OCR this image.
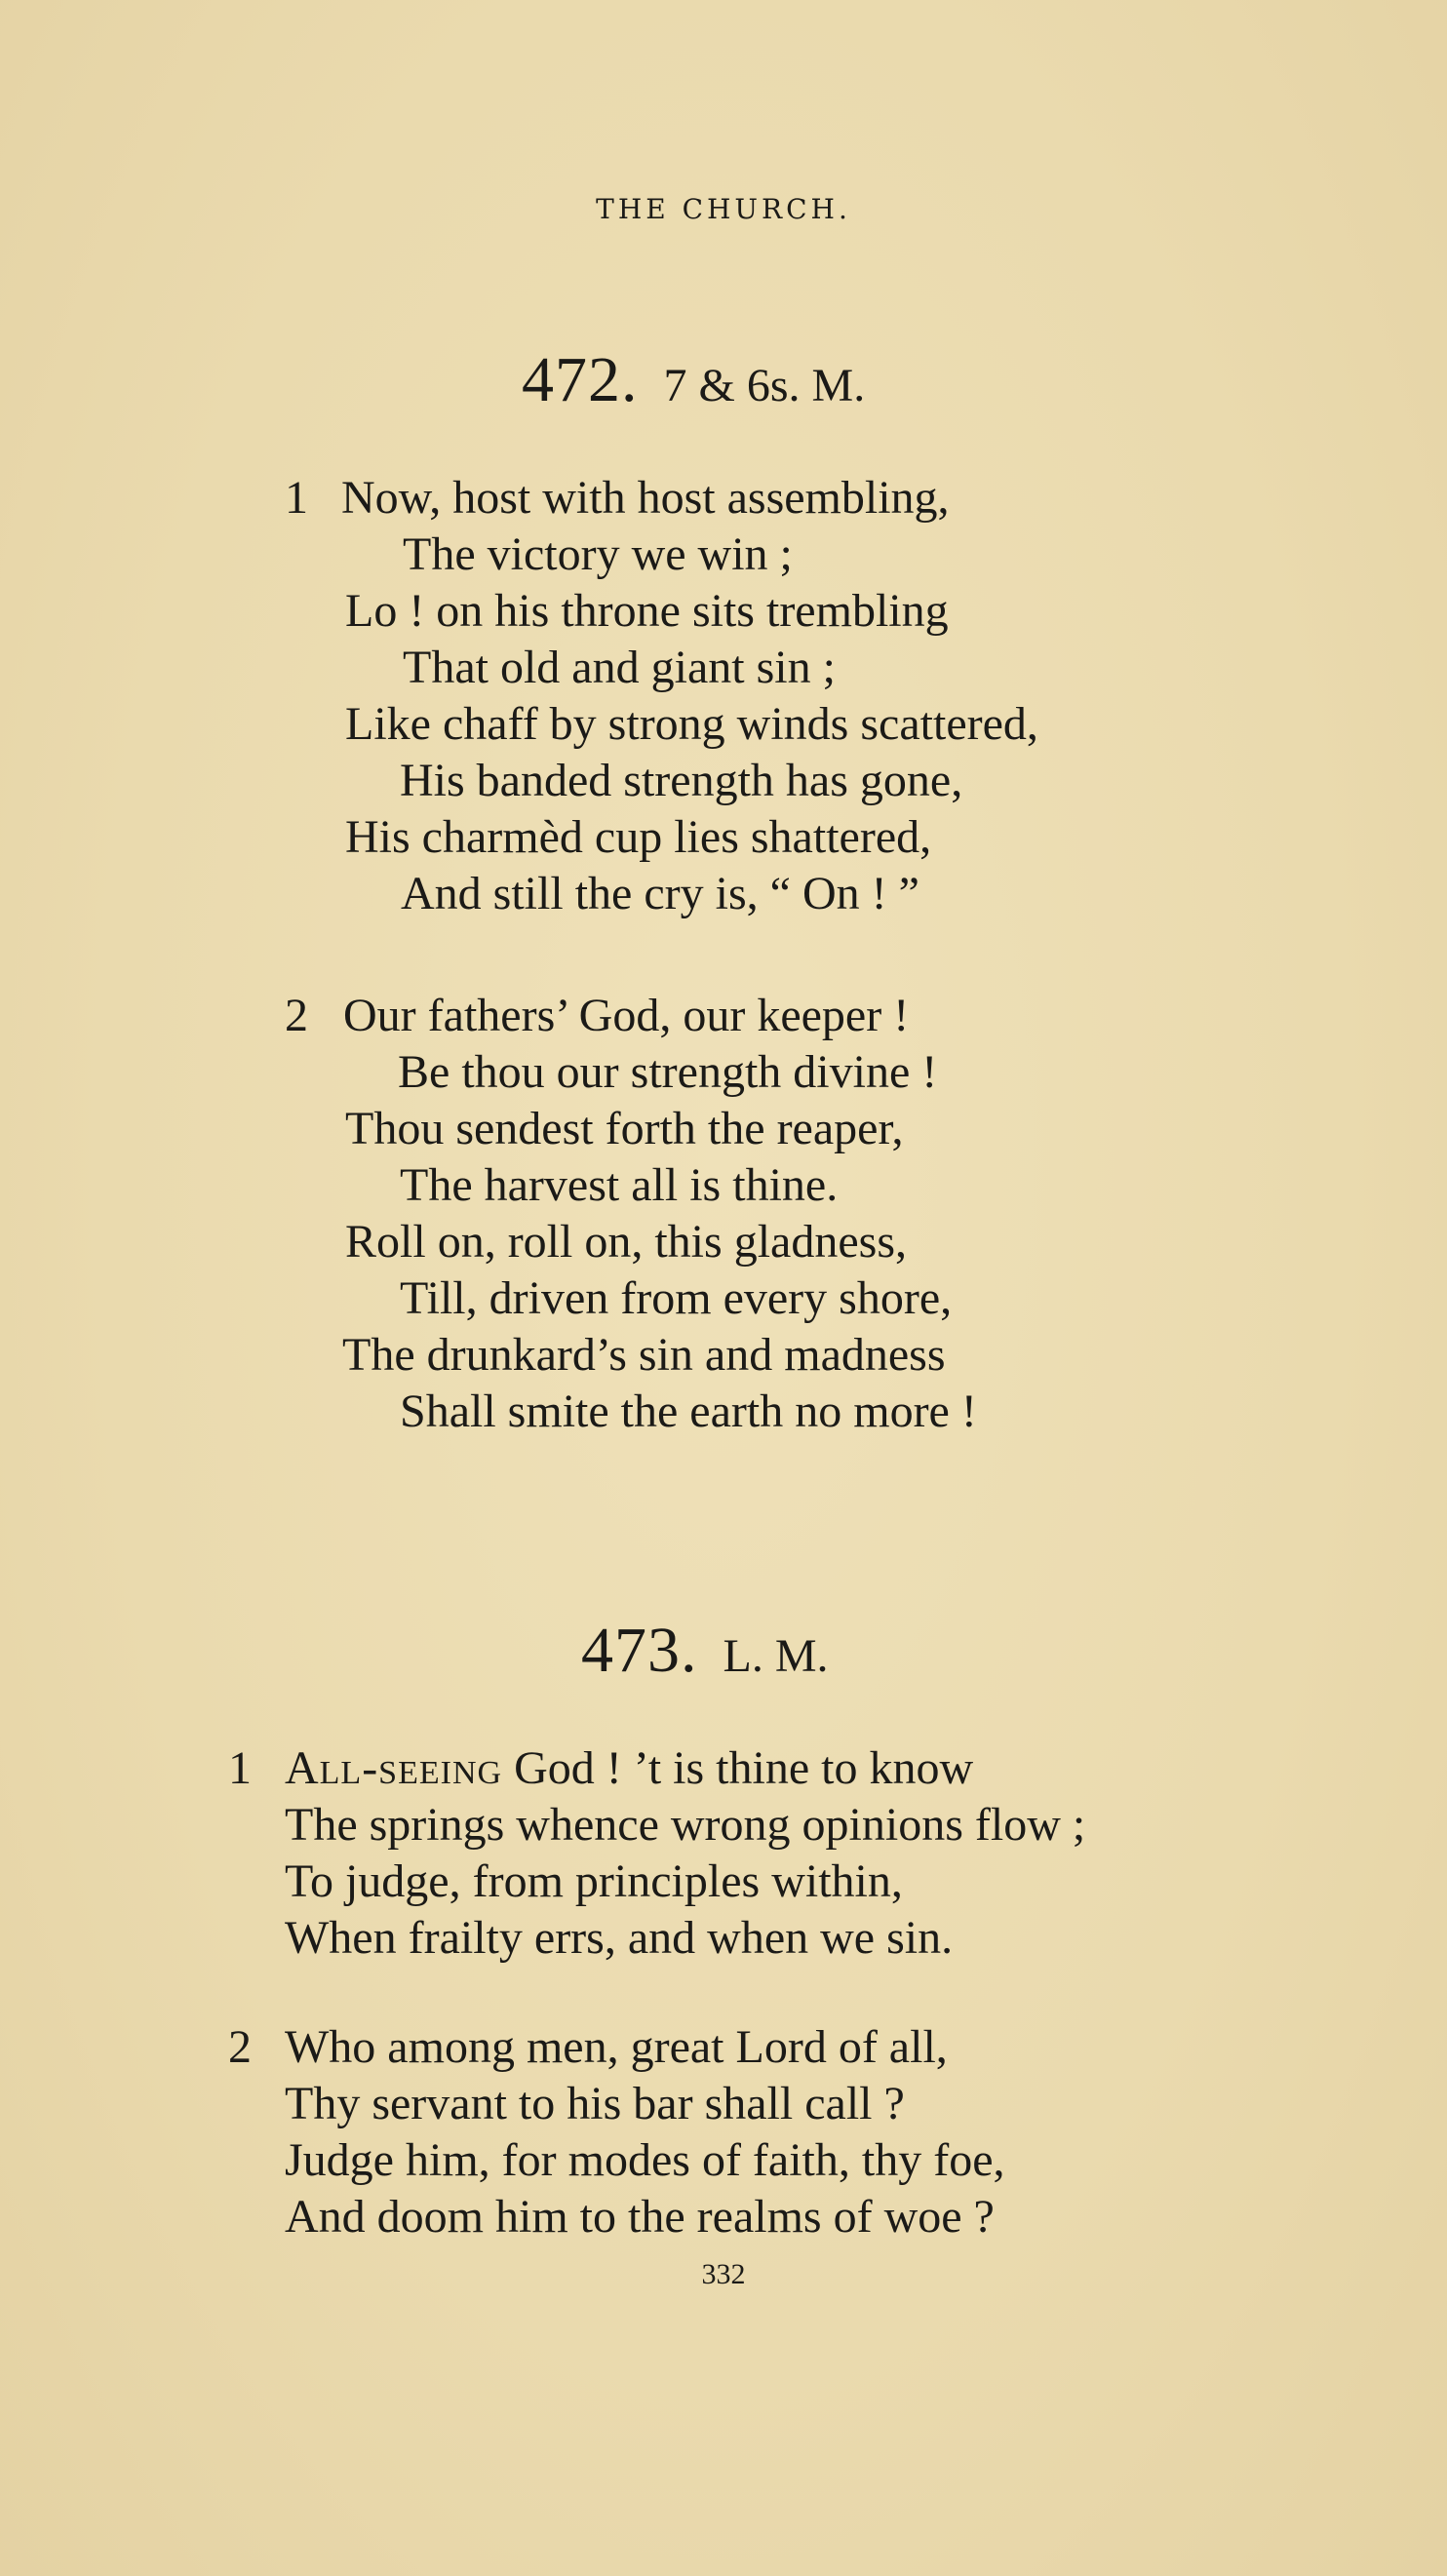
THE CHURCH.
472. 7 & 6s. M.
1 Now, host with host assembling,
The victory we win ;
Lo ! on his throne sits trembling
That old and giant sin ;
Like chaff by strong winds scattered,
His banded strength has gone,
His charmèd cup lies shattered,
And still the cry is, “ On ! ”
2 Our fathers’ God, our keeper !
Be thou our strength divine !
Thou sendest forth the reaper,
The harvest all is thine.
Roll on, roll on, this gladness,
Till, driven from every shore,
The drunkard’s sin and madness
Shall smite the earth no more !
473. L. M.
1 All-seeing God ! ’t is thine to know
The springs whence wrong opinions flow ;
To judge, from principles within,
When frailty errs, and when we sin.
2 Who among men, great Lord of all,
Thy servant to his bar shall call ?
Judge him, for modes of faith, thy foe,
And doom him to the realms of woe ?
332
